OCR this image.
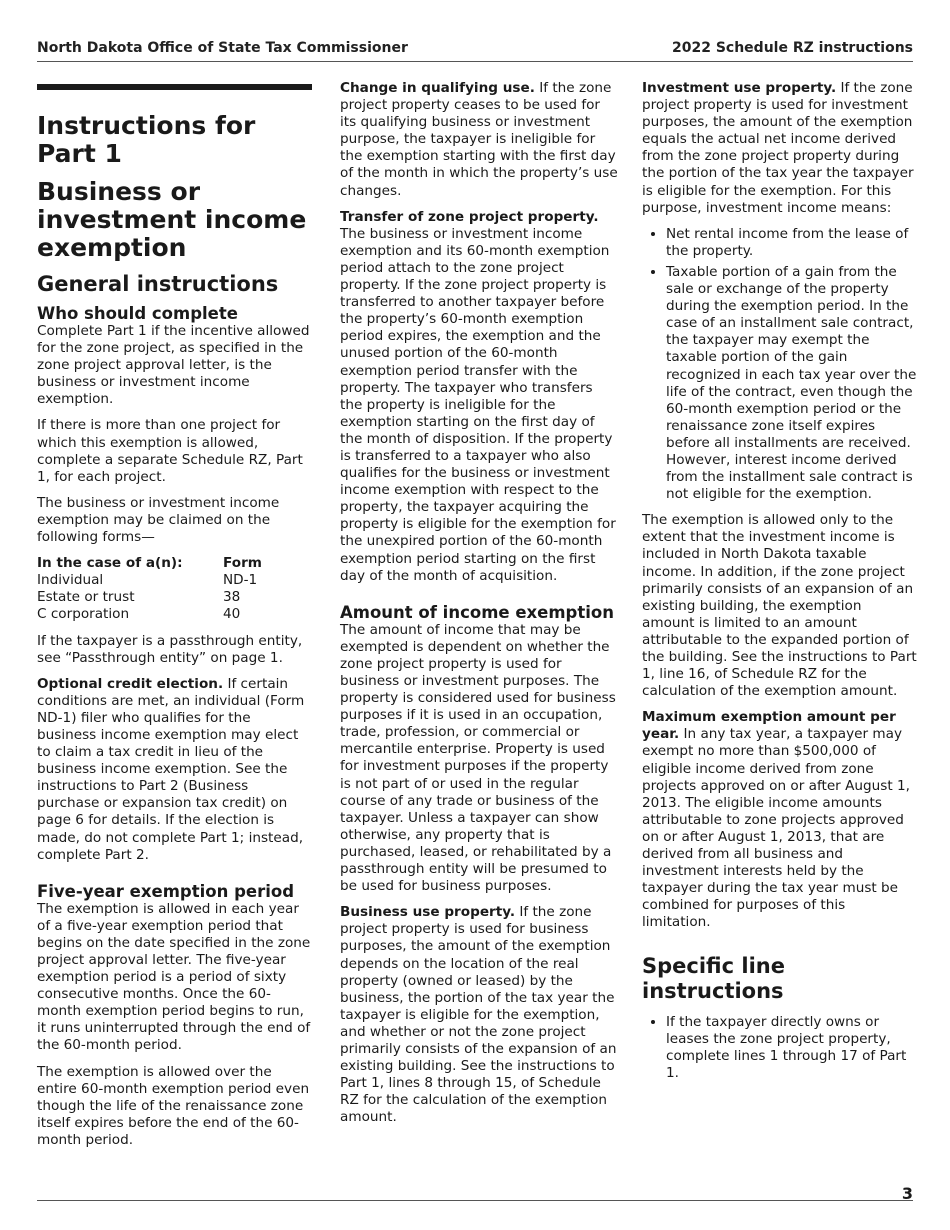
North Dakota Office of State Tax Commissioner	2022 Schedule RZ instructions
Instructions for Part 1
Business or investment income exemption
General instructions
Who should complete

Complete Part 1 if the incentive allowed for the zone project, as specified in the zone project approval letter, is the business or investment income exemption.

If there is more than one project for which this exemption is allowed, complete a separate Schedule RZ, Part 1, for each project.

The business or investment income exemption may be claimed on the following forms—

In the case of a(n):	Form
Individual	ND-1
Estate or trust	38
C corporation	40

If the taxpayer is a passthrough entity, see “Passthrough entity” on page 1.

Optional credit election. If certain conditions are met, an individual (Form ND-1) filer who qualifies for the business income exemption may elect to claim a tax credit in lieu of the business income exemption. See the instructions to Part 2 (Business purchase or expansion tax credit) on page 6 for details. If the election is made, do not complete Part 1; instead, complete Part 2.

Five-year exemption period

The exemption is allowed in each year of a five-year exemption period that begins on the date specified in the zone project approval letter. The five-year exemption period is a period of sixty consecutive months. Once the 60-month exemption period begins to run, it runs uninterrupted through the end of the 60-month period.

The exemption is allowed over the entire 60-month exemption period even though the life of the renaissance zone itself expires before the end of the 60-month period.

Change in qualifying use. If the zone project property ceases to be used for its qualifying business or investment purpose, the taxpayer is ineligible for the exemption starting with the first day of the month in which the property’s use changes.

Transfer of zone project property. The business or investment income exemption and its 60-month exemption period attach to the zone project property. If the zone project property is transferred to another taxpayer before the property’s 60-month exemption period expires, the exemption and the unused portion of the 60-month exemption period transfer with the property. The taxpayer who transfers the property is ineligible for the exemption starting on the first day of the month of disposition. If the property is transferred to a taxpayer who also qualifies for the business or investment income exemption with respect to the property, the taxpayer acquiring the property is eligible for the exemption for the unexpired portion of the 60-month exemption period starting on the first day of the month of acquisition.

Amount of income exemption

The amount of income that may be exempted is dependent on whether the zone project property is used for business or investment purposes. The property is considered used for business purposes if it is used in an occupation, trade, profession, or commercial or mercantile enterprise. Property is used for investment purposes if the property is not part of or used in the regular course of any trade or business of the taxpayer. Unless a taxpayer can show otherwise, any property that is purchased, leased, or rehabilitated by a passthrough entity will be presumed to be used for business purposes.

Business use property. If the zone project property is used for business purposes, the amount of the exemption depends on the location of the real property (owned or leased) by the business, the portion of the tax year the taxpayer is eligible for the exemption, and whether or not the zone project primarily consists of the expansion of an existing building. See the instructions to Part 1, lines 8 through 15, of Schedule RZ for the calculation of the exemption amount.

Investment use property. If the zone project property is used for investment purposes, the amount of the exemption equals the actual net income derived from the zone project property during the portion of the tax year the taxpayer is eligible for the exemption. For this purpose, investment income means:

• Net rental income from the lease of the property.
• Taxable portion of a gain from the sale or exchange of the property during the exemption period. In the case of an installment sale contract, the taxpayer may exempt the taxable portion of the gain recognized in each tax year over the life of the contract, even though the 60-month exemption period or the renaissance zone itself expires before all installments are received. However, interest income derived from the installment sale contract is not eligible for the exemption.

The exemption is allowed only to the extent that the investment income is included in North Dakota taxable income. In addition, if the zone project primarily consists of an expansion of an existing building, the exemption amount is limited to an amount attributable to the expanded portion of the building. See the instructions to Part 1, line 16, of Schedule RZ for the calculation of the exemption amount.

Maximum exemption amount per year. In any tax year, a taxpayer may exempt no more than $500,000 of eligible income derived from zone projects approved on or after August 1, 2013. The eligible income amounts attributable to zone projects approved on or after August 1, 2013, that are derived from all business and investment interests held by the taxpayer during the tax year must be combined for purposes of this limitation.

Specific line instructions
• If the taxpayer directly owns or leases the zone project property, complete lines 1 through 17 of Part 1.
3
